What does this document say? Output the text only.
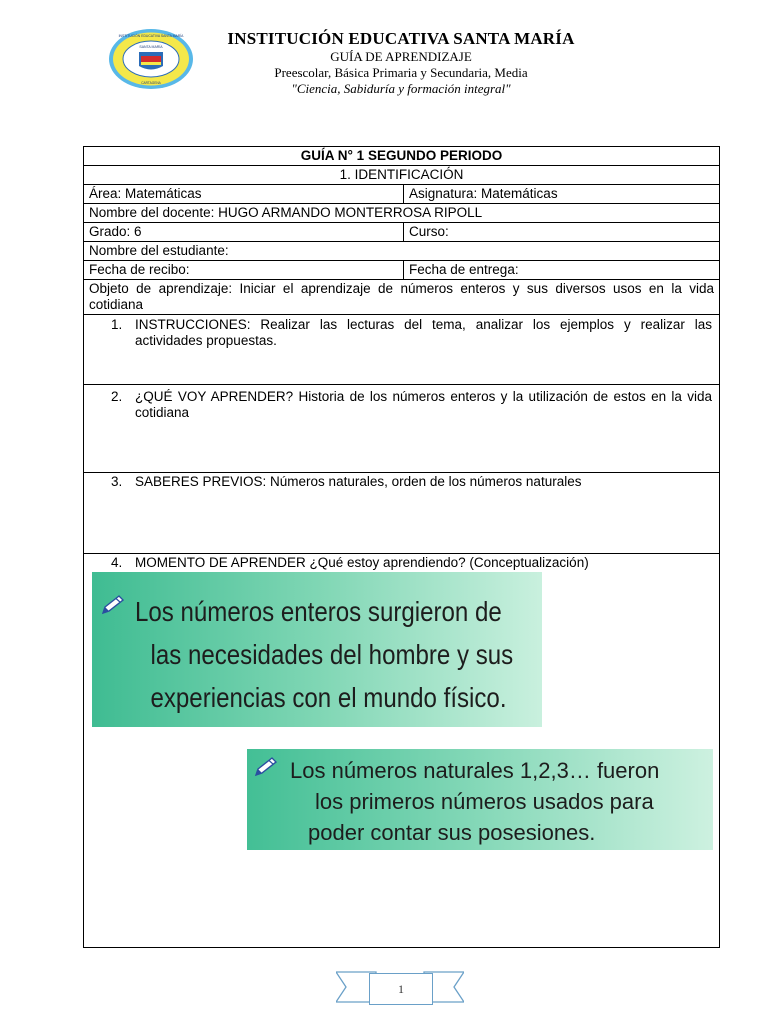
SANTA MARÍA
INSTITUCIÓN EDUCATIVA SANTA MARÍA
CARTAGENA
INSTITUCIÓN EDUCATIVA SANTA MARÍA
GUÍA DE APRENDIZAJE
Preescolar, Básica Primaria y Secundaria, Media
"Ciencia, Sabiduría y formación integral"
GUÍA N° 1 SEGUNDO PERIODO	
1. IDENTIFICACIÓN	
Área: Matemáticas	Asignatura: Matemáticas
Nombre del docente: HUGO ARMANDO MONTERROSA RIPOLL	
Grado: 6	Curso:
Nombre del estudiante:	
Fecha de recibo:	Fecha de entrega:
Objeto de aprendizaje: Iniciar el aprendizaje de números enteros y sus diversos usos en la vida cotidiana	

1. INSTRUCCIONES: Realizar las lecturas del tema, analizar los ejemplos y realizar las actividades propuestas.	

2. ¿QUÉ VOY APRENDER? Historia de los números enteros y la utilización de estos en la vida cotidiana	

3. SABERES PREVIOS: Números naturales, orden de los números naturales	

4. MOMENTO DE APRENDER ¿Qué estoy aprendiendo? (Conceptualización)	
Los números enteros surgieron de
las necesidades del hombre y sus
experiencias con el mundo físico.
Los números naturales 1,2,3… fueron
los primeros números usados para
poder contar sus posesiones.
1
